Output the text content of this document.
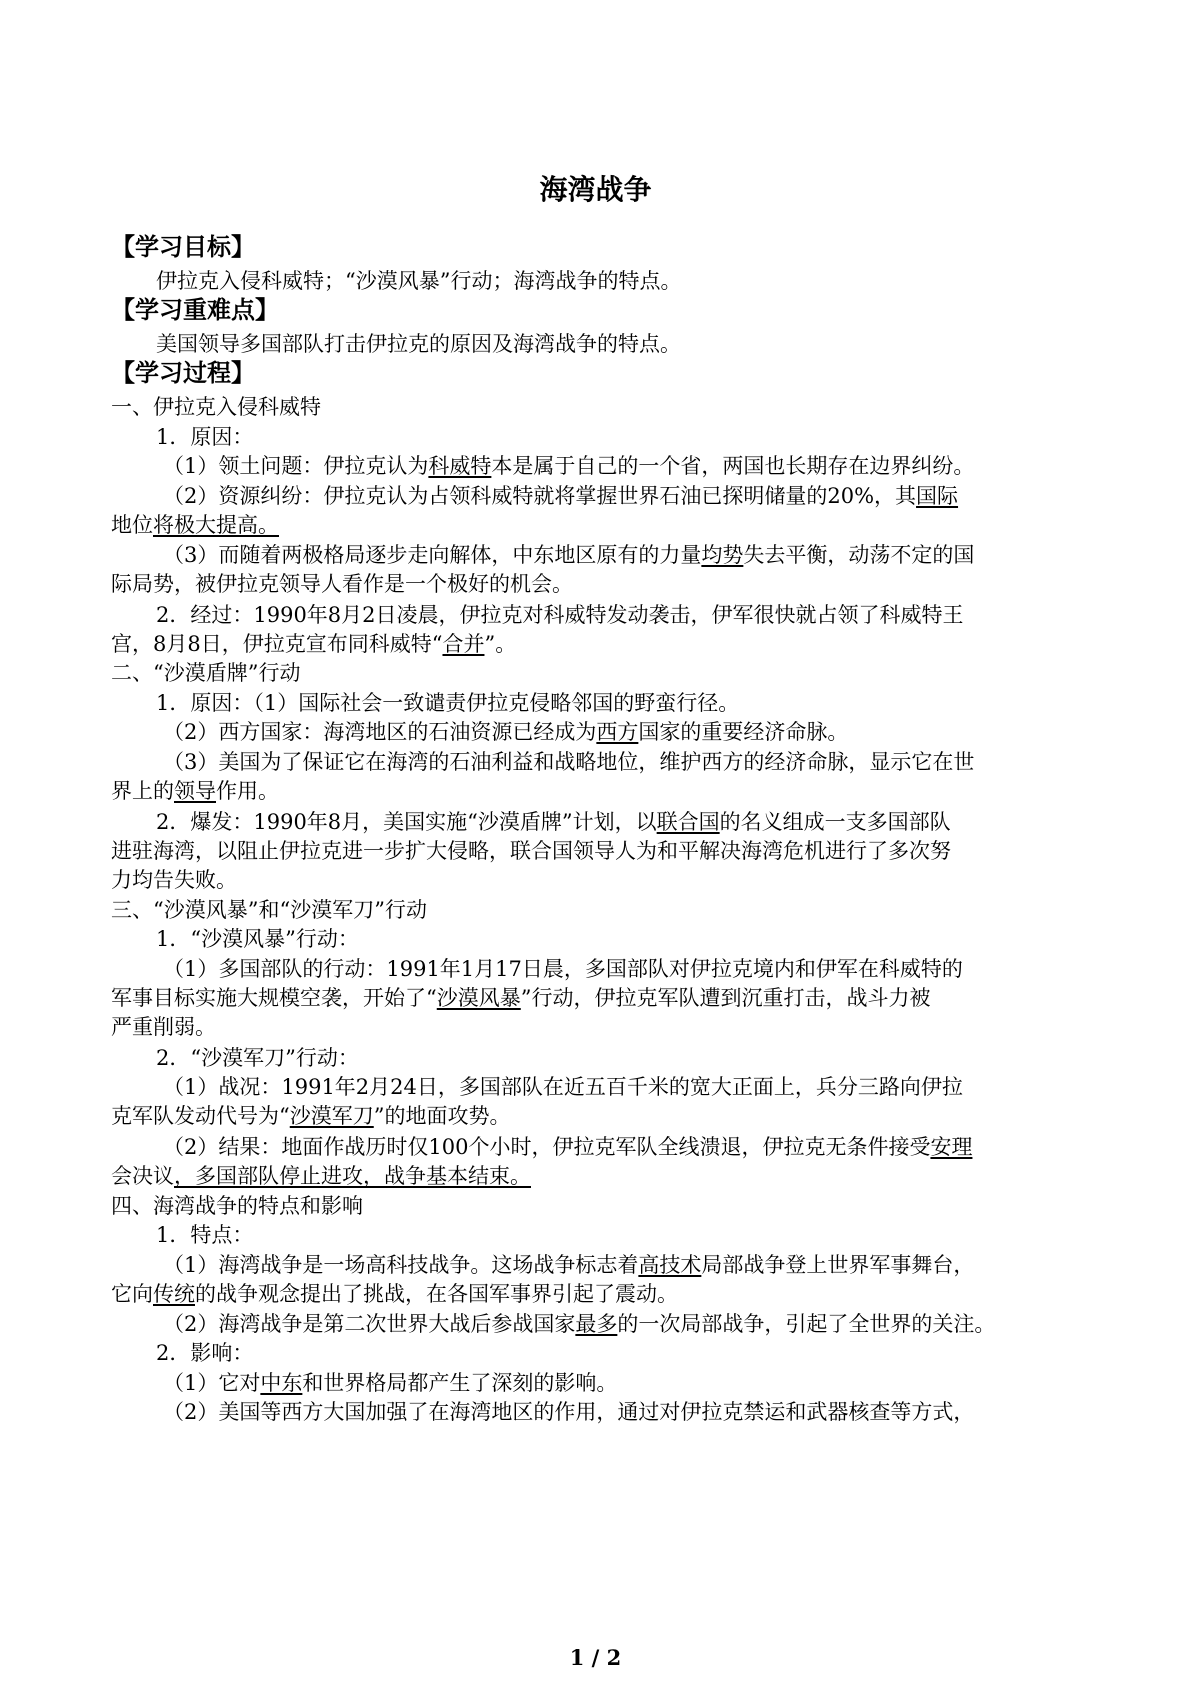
海湾战争
【学习目标】
伊拉克入侵科威特；“沙漠风暴”行动；海湾战争的特点。
【学习重难点】
美国领导多国部队打击伊拉克的原因及海湾战争的特点。
【学习过程】
一、伊拉克入侵科威特
1．原因：
（1）领土问题：伊拉克认为科威特本是属于自己的一个省，两国也长期存在边界纠纷。
（2）资源纠纷：伊拉克认为占领科威特就将掌握世界石油已探明储量的20%，其国际
地位将极大提高。
（3）而随着两极格局逐步走向解体，中东地区原有的力量均势失去平衡，动荡不定的国
际局势，被伊拉克领导人看作是一个极好的机会。
2．经过：1990年8月2日凌晨，伊拉克对科威特发动袭击，伊军很快就占领了科威特王
宫，8月8日，伊拉克宣布同科威特“合并”。
二、“沙漠盾牌”行动
1．原因：（1）国际社会一致谴责伊拉克侵略邻国的野蛮行径。
（2）西方国家：海湾地区的石油资源已经成为西方国家的重要经济命脉。
（3）美国为了保证它在海湾的石油利益和战略地位，维护西方的经济命脉，显示它在世
界上的领导作用。
2．爆发：1990年8月，美国实施“沙漠盾牌”计划，以联合国的名义组成一支多国部队
进驻海湾，以阻止伊拉克进一步扩大侵略，联合国领导人为和平解决海湾危机进行了多次努
力均告失败。
三、“沙漠风暴”和“沙漠军刀”行动
1．“沙漠风暴”行动：
（1）多国部队的行动：1991年1月17日晨，多国部队对伊拉克境内和伊军在科威特的
军事目标实施大规模空袭，开始了“沙漠风暴”行动，伊拉克军队遭到沉重打击，战斗力被
严重削弱。
2．“沙漠军刀”行动：
（1）战况：1991年2月24日，多国部队在近五百千米的宽大正面上，兵分三路向伊拉
克军队发动代号为“沙漠军刀”的地面攻势。
（2）结果：地面作战历时仅100个小时，伊拉克军队全线溃退，伊拉克无条件接受安理
会决议，多国部队停止进攻，战争基本结束。
四、海湾战争的特点和影响
1．特点：
（1）海湾战争是一场高科技战争。这场战争标志着高技术局部战争登上世界军事舞台，
它向传统的战争观念提出了挑战，在各国军事界引起了震动。
（2）海湾战争是第二次世界大战后参战国家最多的一次局部战争，引起了全世界的关注。
2．影响：
（1）它对中东和世界格局都产生了深刻的影响。
（2）美国等西方大国加强了在海湾地区的作用，通过对伊拉克禁运和武器核查等方式，
1 / 2
